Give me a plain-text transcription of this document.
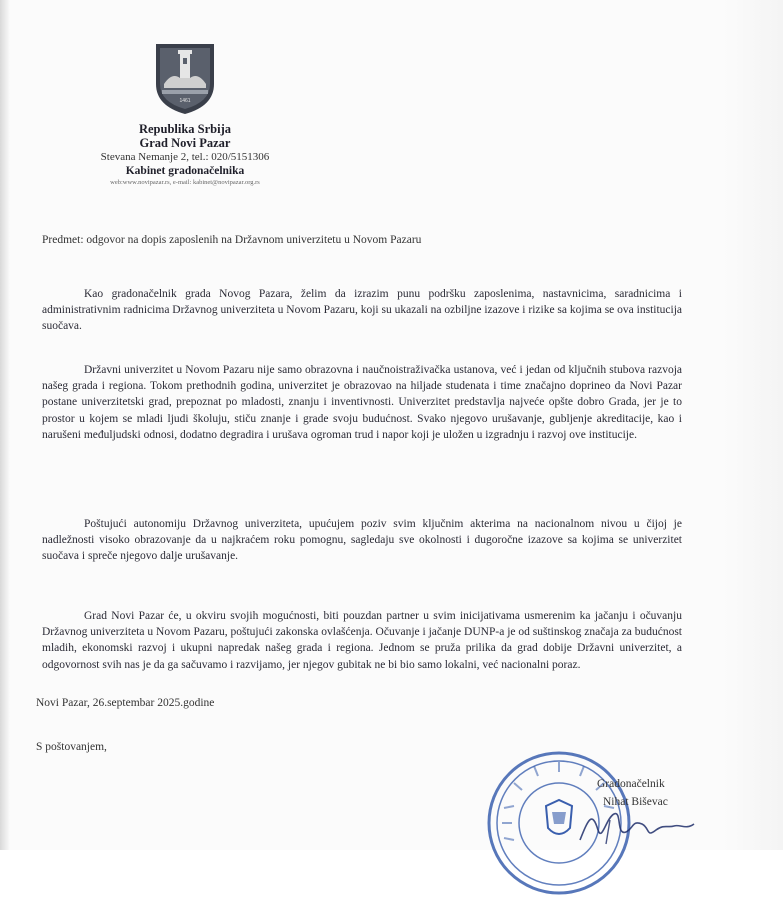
1461
Republika Srbija
Grad Novi Pazar
Stevana Nemanje 2, tel.: 020/5151306
Kabinet gradonačelnika
web:www.novipazar.rs, e-mail: kabinet@novipazar.org.rs
Predmet: odgovor na dopis zaposlenih na Državnom univerzitetu u Novom Pazaru
Kao gradonačelnik grada Novog Pazara, želim da izrazim punu podršku zaposlenima, nastavnicima, saradnicima i administrativnim radnicima Državnog univerziteta u Novom Pazaru, koji su ukazali na ozbiljne izazove i rizike sa kojima se ova institucija suočava.
Državni univerzitet u Novom Pazaru nije samo obrazovna i naučnoistraživačka ustanova, već i jedan od ključnih stubova razvoja našeg grada i regiona. Tokom prethodnih godina, univerzitet je obrazovao na hiljade studenata i time značajno doprineo da Novi Pazar postane univerzitetski grad, prepoznat po mladosti, znanju i inventivnosti. Univerzitet predstavlja najveće opšte dobro Grada, jer je to prostor u kojem se mladi ljudi školuju, stiču znanje i grade svoju budućnost. Svako njegovo urušavanje, gubljenje akreditacije, kao i narušeni međuljudski odnosi, dodatno degradira i urušava ogroman trud i napor koji je uložen u izgradnju i razvoj ove institucije.
Poštujući autonomiju Državnog univerziteta, upućujem poziv svim ključnim akterima na nacionalnom nivou u čijoj je nadležnosti visoko obrazovanje da u najkraćem roku pomognu, sagledaju sve okolnosti i dugoročne izazove sa kojima se univerzitet suočava i spreče njegovo dalje urušavanje.
Grad Novi Pazar će, u okviru svojih mogućnosti, biti pouzdan partner u svim inicijativama usmerenim ka jačanju i očuvanju Državnog univerziteta u Novom Pazaru, poštujući zakonska ovlašćenja. Očuvanje i jačanje DUNP-a je od suštinskog značaja za budućnost mladih, ekonomski razvoj i ukupni napredak našeg grada i regiona. Jednom se pruža prilika da grad dobije Državni univerzitet, a odgovornost svih nas je da ga sačuvamo i razvijamo, jer njegov gubitak ne bi bio samo lokalni, već nacionalni poraz.
Novi Pazar, 26.septembar 2025.godine
S poštovanjem,
Gradonačelnik
Nihat Biševac
